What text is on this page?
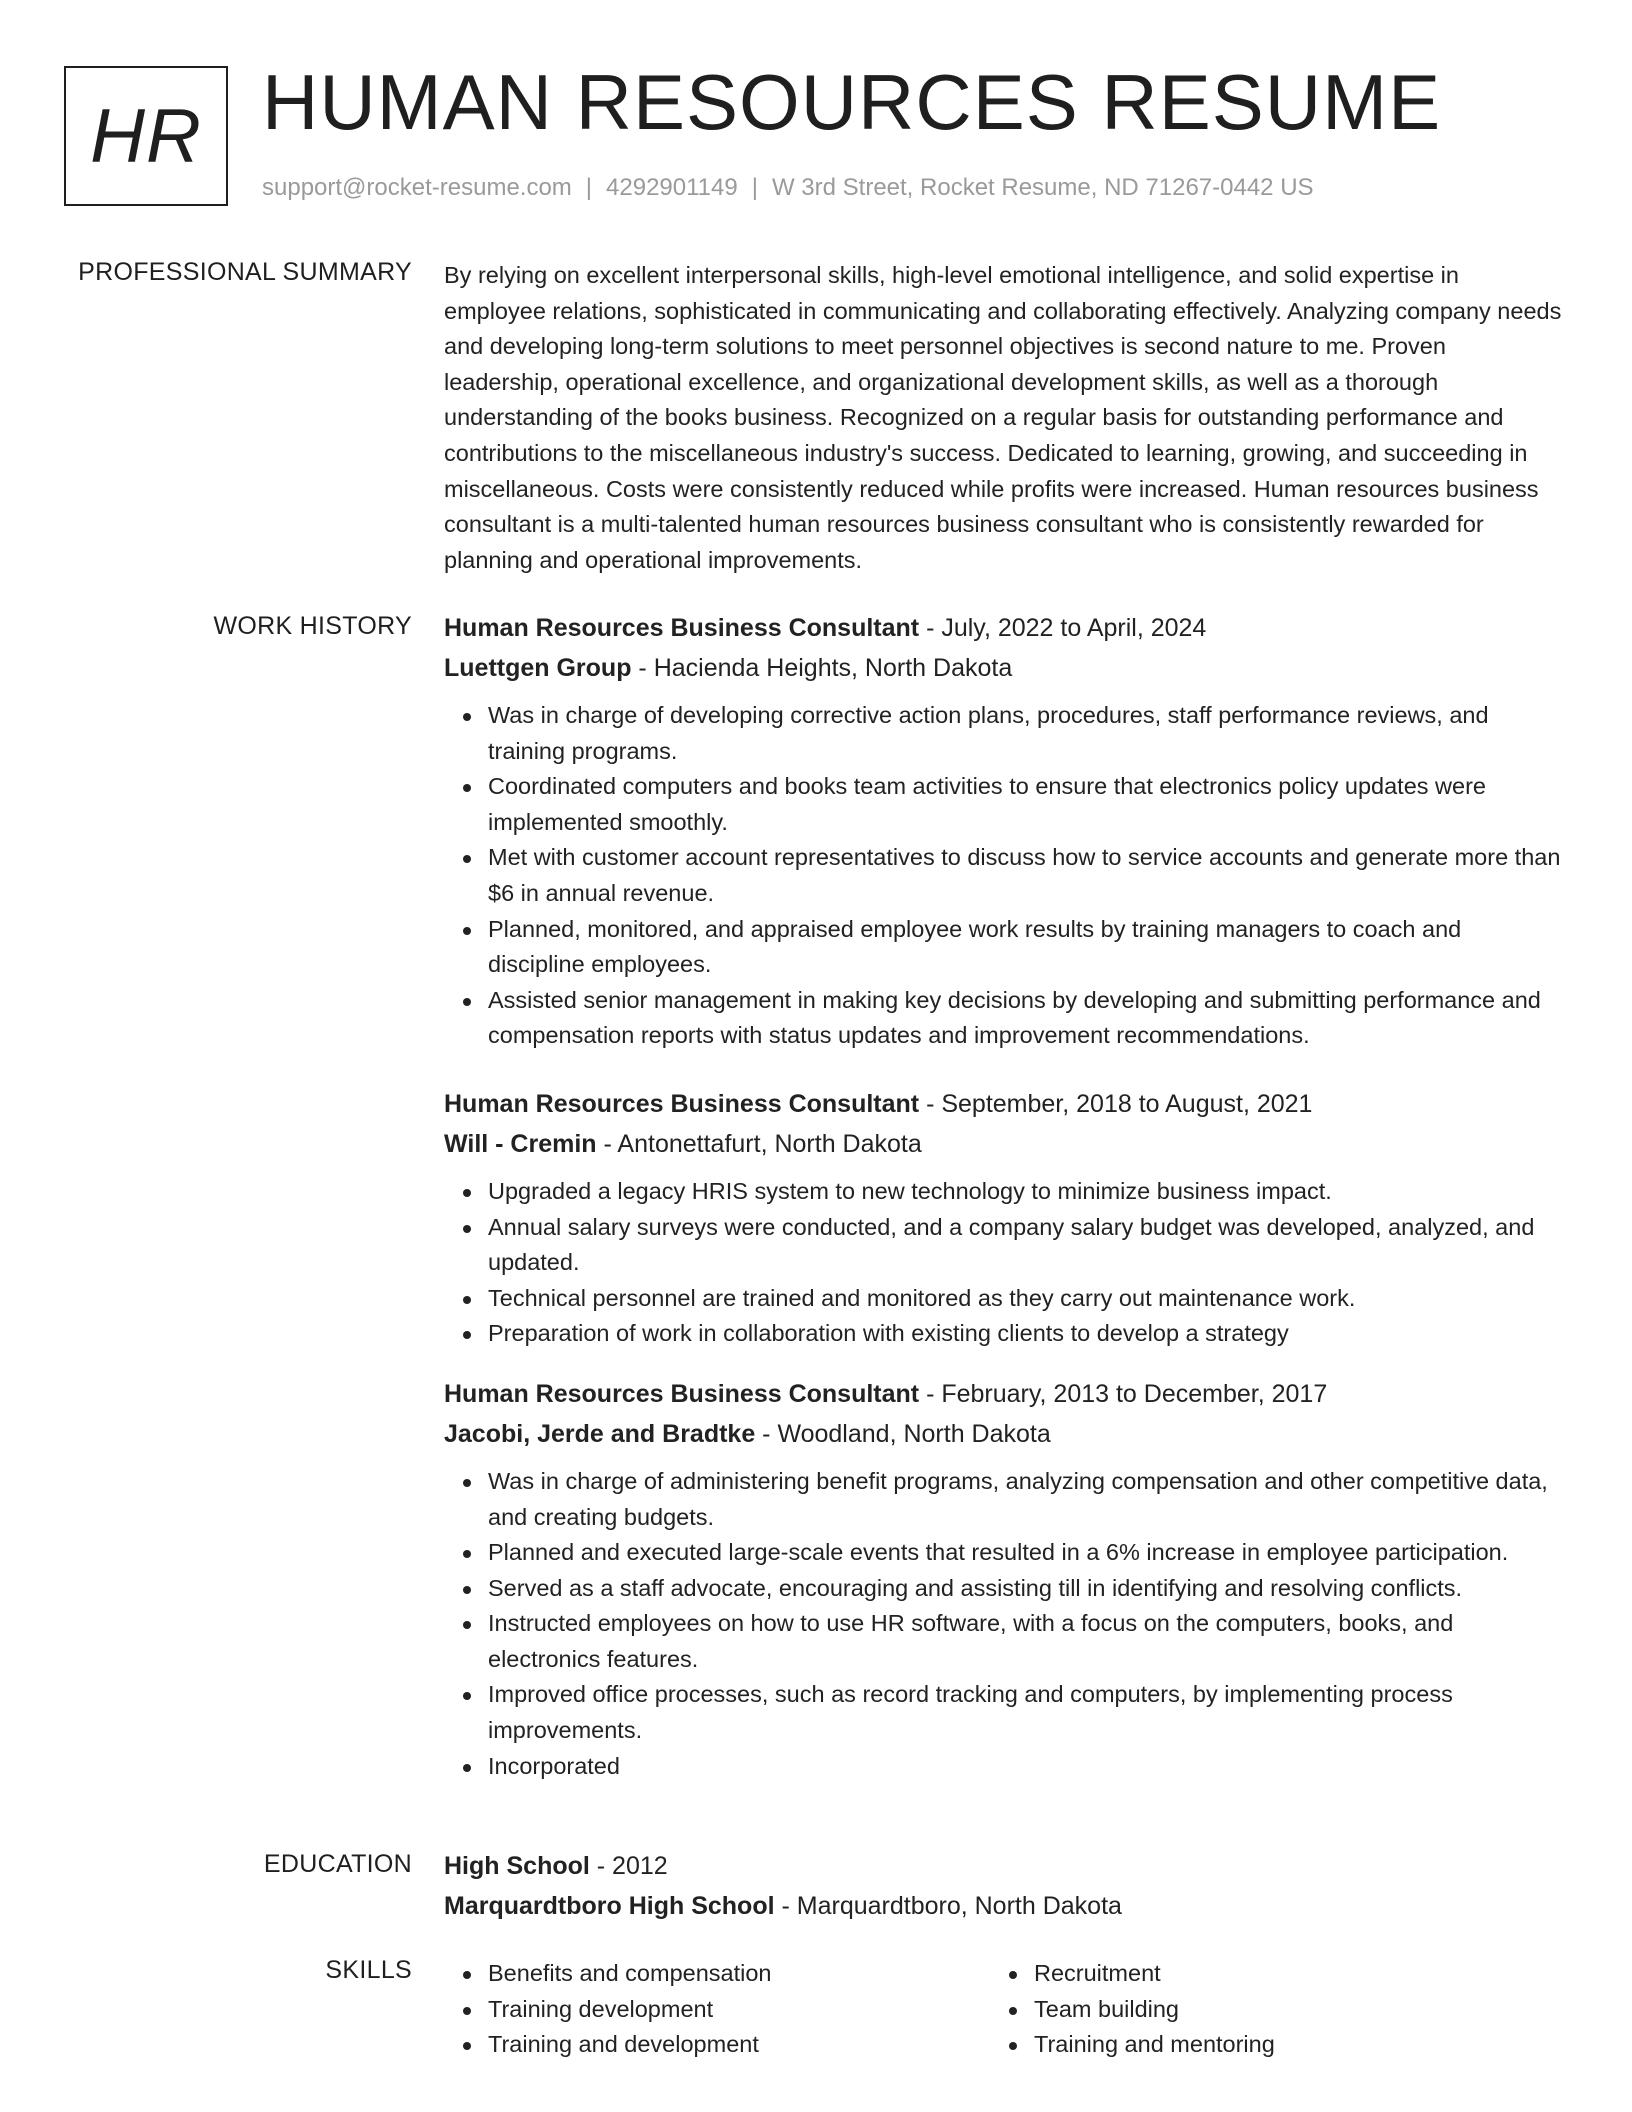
HR HUMAN RESOURCES RESUME
support@rocket-resume.com | 4292901149 | W 3rd Street, Rocket Resume, ND 71267-0442 US
PROFESSIONAL SUMMARY By relying on excellent interpersonal skills, high-level emotional intelligence, and solid expertise in employee relations, sophisticated in communicating and collaborating effectively. Analyzing company needs and developing long-term solutions to meet personnel objectives is second nature to me. Proven leadership, operational excellence, and organizational development skills, as well as a thorough understanding of the books business. Recognized on a regular basis for outstanding performance and contributions to the miscellaneous industry's success. Dedicated to learning, growing, and succeeding in miscellaneous. Costs were consistently reduced while profits were increased. Human resources business consultant is a multi-talented human resources business consultant who is consistently rewarded for planning and operational improvements.

WORK HISTORY Human Resources Business Consultant - July, 2022 to April, 2024
Luettgen Group - Hacienda Heights, North Dakota
Was in charge of developing corrective action plans, procedures, staff performance reviews, and training programs.
Coordinated computers and books team activities to ensure that electronics policy updates were implemented smoothly.
Met with customer account representatives to discuss how to service accounts and generate more than $6 in annual revenue.
Planned, monitored, and appraised employee work results by training managers to coach and discipline employees.
Assisted senior management in making key decisions by developing and submitting performance and compensation reports with status updates and improvement recommendations.
Human Resources Business Consultant - September, 2018 to August, 2021
Will - Cremin - Antonettafurt, North Dakota
Upgraded a legacy HRIS system to new technology to minimize business impact.
Annual salary surveys were conducted, and a company salary budget was developed, analyzed, and updated.
Technical personnel are trained and monitored as they carry out maintenance work.
Preparation of work in collaboration with existing clients to develop a strategy
Human Resources Business Consultant - February, 2013 to December, 2017
Jacobi, Jerde and Bradtke - Woodland, North Dakota
Was in charge of administering benefit programs, analyzing compensation and other competitive data, and creating budgets.
Planned and executed large-scale events that resulted in a 6% increase in employee participation.
Served as a staff advocate, encouraging and assisting till in identifying and resolving conflicts.
Instructed employees on how to use HR software, with a focus on the computers, books, and electronics features.
Improved office processes, such as record tracking and computers, by implementing process improvements.
Incorporated
EDUCATION High School - 2012
Marquardtboro High School - Marquardtboro, North Dakota
SKILLS	Benefits and compensation
Training development
Training and development
Recruitment
Team building
Training and mentoring
